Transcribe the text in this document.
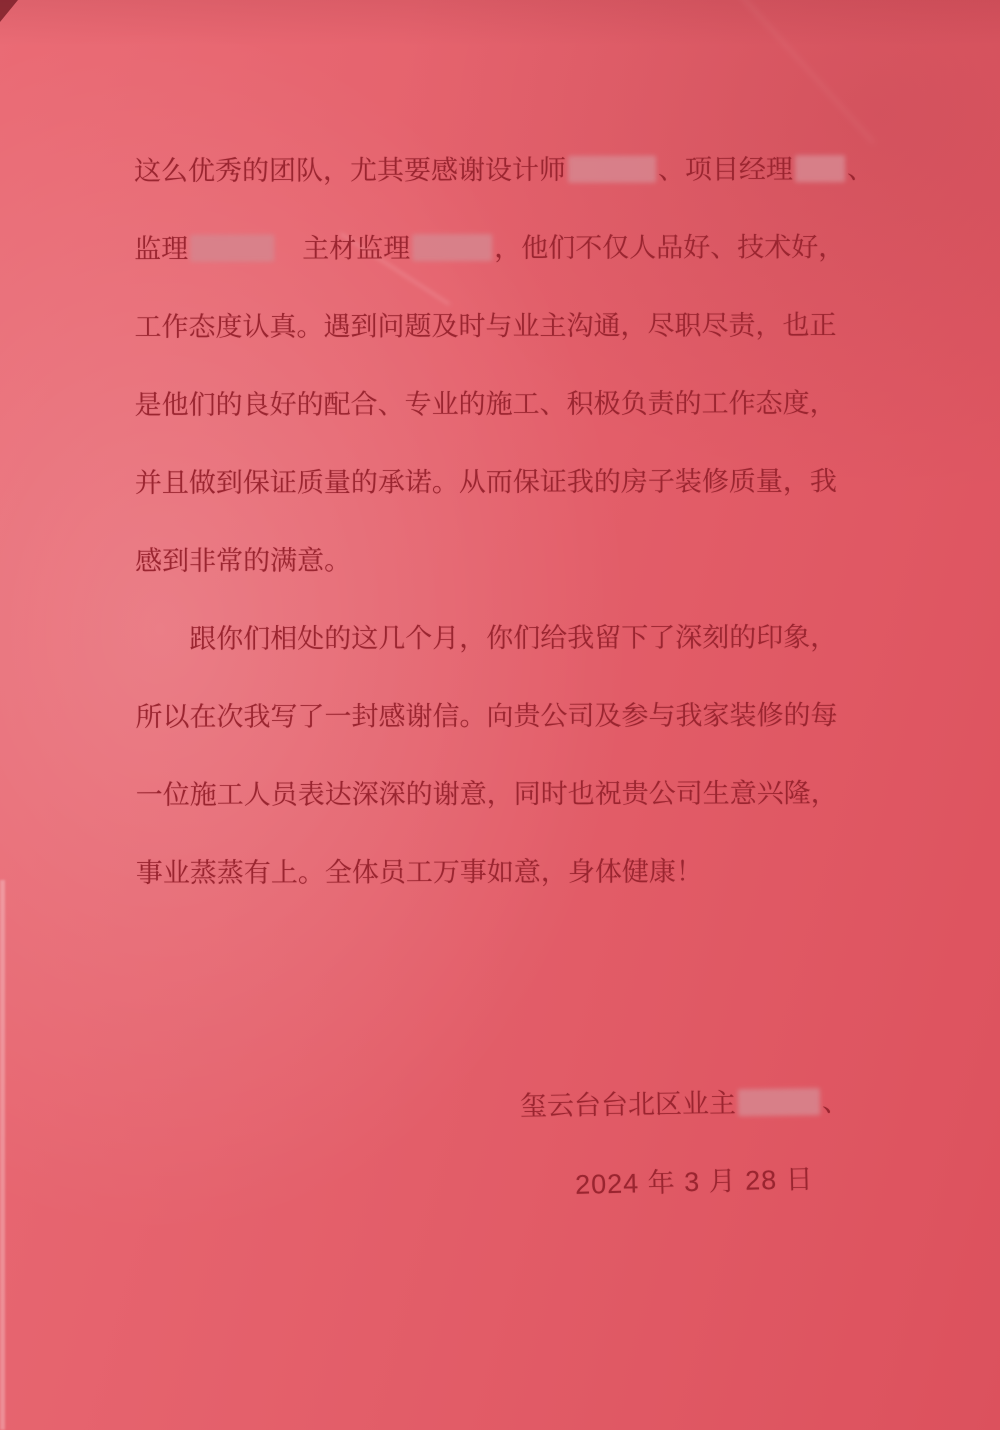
这么优秀的团队，尤其要感谢设计师	、项目经理 、
监理	主材监理	，他们不仅人品好、技术好，
工作态度认真。遇到问题及时与业主沟通，尽职尽责，也正
是他们的良好的配合、专业的施工、积极负责的工作态度，
并且做到保证质量的承诺。从而保证我的房子装修质量，我
感到非常的满意。
跟你们相处的这几个月，你们给我留下了深刻的印象，
所以在次我写了一封感谢信。向贵公司及参与我家装修的每
一位施工人员表达深深的谢意，同时也祝贵公司生意兴隆，
事业蒸蒸有上。全体员工万事如意，身体健康！
玺云台台北区业主	、
2024 年 3 月 28 日
